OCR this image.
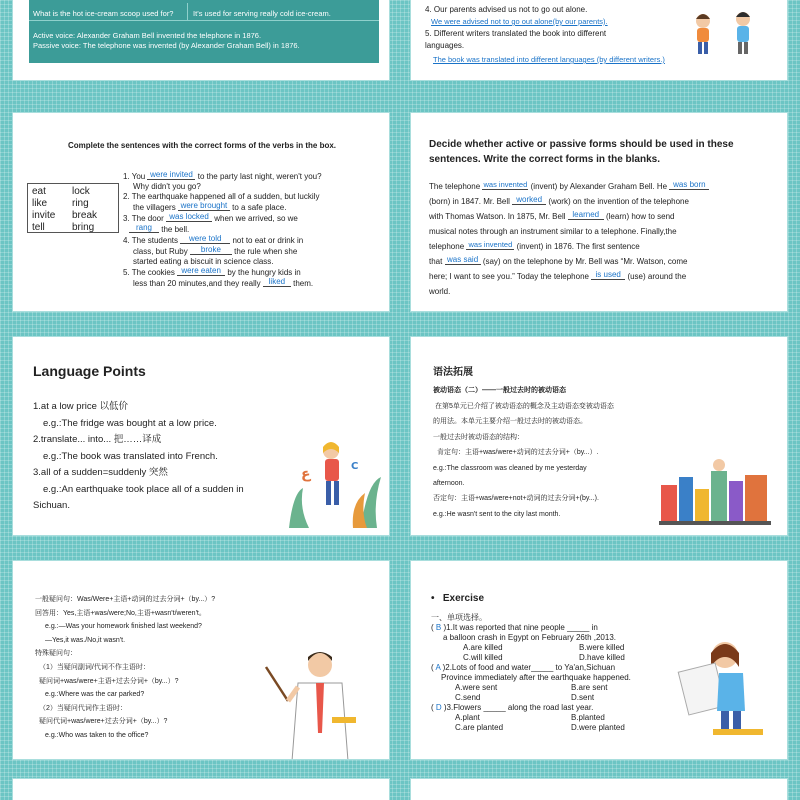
What is the hot ice-cream scoop used for?	It’s used for serving really cold ice-cream.
Active voice: Alexander Graham Bell invented the telephone in 1876.
Passive voice: The telephone was invented (by Alexander Graham Bell) in 1876.
4. Our parents advised us not to go out alone.
We were advised not to go out alone(by our parents).
5. Different writers translated the book into different
languages.
The book was translated into different languages (by different writers.)
Complete the sentences with the correct forms of the verbs in the box.
eat	lock
like ring
invite break
tell	bring

1. You were invited to the party last night, weren't you?

Why didn't you go?

2. The earthquake happened all of a sudden, but luckily

the villagers were brought to a safe place.

3. The door was locked when we arrived, so we

rang the bell.

4. The students were told not to eat or drink in

class, but Ruby broke the rule when she

started eating a biscuit in science class.

5. The cookies were eaten by the hungry kids in

less than 20 minutes,and they really liked them.

Decide whether active or passive forms should be used in these sentences. Write the correct forms in the blanks.
The telephone was invented (invent) by Alexander Graham Bell. He was born
(born) in 1847. Mr. Bell worked (work) on the invention of the telephone
with Thomas Watson. In 1875, Mr. Bell learned (learn) how to send
musical notes through an instrument similar to a telephone. Finally,the
telephone was invented (invent) in 1876. The first sentence
that was said (say) on the telephone by Mr. Bell was “Mr. Watson, come
here; I want to see you.” Today the telephone is used (use) around the
world.
Language Points
1.at a low price 以低价
e.g.:The fridge was bought at a low price.
2.translate... into... 把……译成
e.g.:The book was translated into French.
3.all of a sudden=suddenly 突然
e.g.:An earthquake took place all of a sudden in
Sichuan.
ع	C
语法拓展
被动语态（二）——一般过去时的被动语态
在第5单元已介绍了被动语态的概念及主动语态变被动语态
的用法。本单元主要介绍一般过去时的被动语态。
一般过去时被动语态的结构：
肯定句：主语+was/were+动词的过去分词+（by...）.
e.g.:The classroom was cleaned by me yesterday
afternoon.
否定句：主语+was/were+not+动词的过去分词+(by...).
e.g.:He wasn't sent to the city last month.
一般疑问句：Was/Were+主语+动词的过去分词+（by...）?
回答用：Yes,主语+was/were;No,主语+wasn't/weren't。
e.g.:—Was your homework finished last weekend?
—Yes,it was./No,it wasn't.
特殊疑问句：
（1）当疑问副词/代词不作主语时：
疑问词+was/were+主语+过去分词+（by...）?
e.g.:Where was the car parked?
（2）当疑问代词作主语时：
疑问代词+was/were+过去分词+（by...）?
e.g.:Who was taken to the office?
• Exercise
一、单项选择。
( B )1.It was reported that nine people _____ in
a balloon crash in Egypt on February 26th ,2013.
A.are killed	B.were killed
C.will killed	D.have killed
( A )2.Lots of food and water_____ to Ya'an,Sichuan
Province immediately after the earthquake happened.
A.were sent	B.are sent
C.send	D.sent
( D )3.Flowers _____ along the road last year.
A.plant	B.planted
C.are planted	D.were planted
